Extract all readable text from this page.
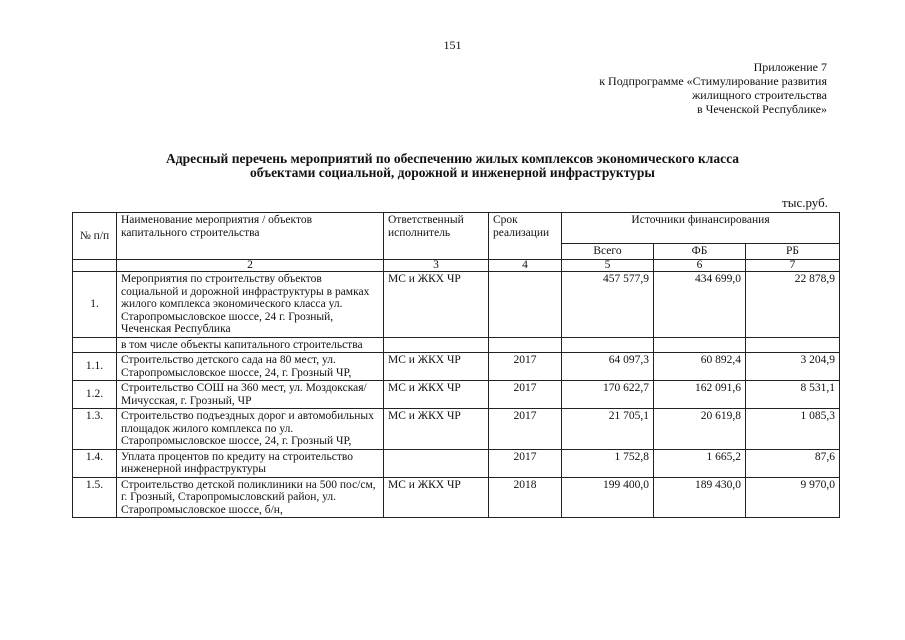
151
Приложение 7
к Подпрограмме «Стимулирование развития
жилищного строительства
в Чеченской Республике»
Адресный перечень мероприятий по обеспечению жилых комплексов экономического класса
объектами социальной, дорожной и инженерной инфраструктуры
тыс.руб.
№ п/п	Наименование мероприятия / объектов капитального строительства	Ответственный исполнитель	Срок реализации	Источники финансирования		
				Всего	ФБ	РБ
	2	3	4	5	6	7
1.	Мероприятия по строительству объектов социальной и дорожной инфраструктуры в рамках жилого комплекса экономического класса ул. Старопромысловское шоссе, 24 г. Грозный, Чеченская Республика	МС и ЖКХ ЧР		457 577,9	434 699,0	22 878,9
	в том числе объекты капитального строительства					
1.1.	Строительство детского сада на 80 мест, ул. Старопромысловское шоссе, 24, г. Грозный ЧР,	МС и ЖКХ ЧР	2017	64 097,3	60 892,4	3 204,9
1.2.	Строительство СОШ на 360 мест, ул. Моздокская/ Мичусская, г. Грозный, ЧР	МС и ЖКХ ЧР	2017	170 622,7	162 091,6	8 531,1
1.3.	Строительство подъездных дорог и автомобильных площадок жилого комплекса по ул. Старопромысловское шоссе, 24, г. Грозный ЧР,	МС и ЖКХ ЧР	2017	21 705,1	20 619,8	1 085,3
1.4.	Уплата процентов по кредиту на строительство инженерной инфраструктуры		2017	1 752,8	1 665,2	87,6
1.5.	Строительство детской поликлиники на 500 пос/см, г. Грозный, Старопромысловский район, ул. Старопромысловское шоссе, б/н,	МС и ЖКХ ЧР	2018	199 400,0	189 430,0	9 970,0
